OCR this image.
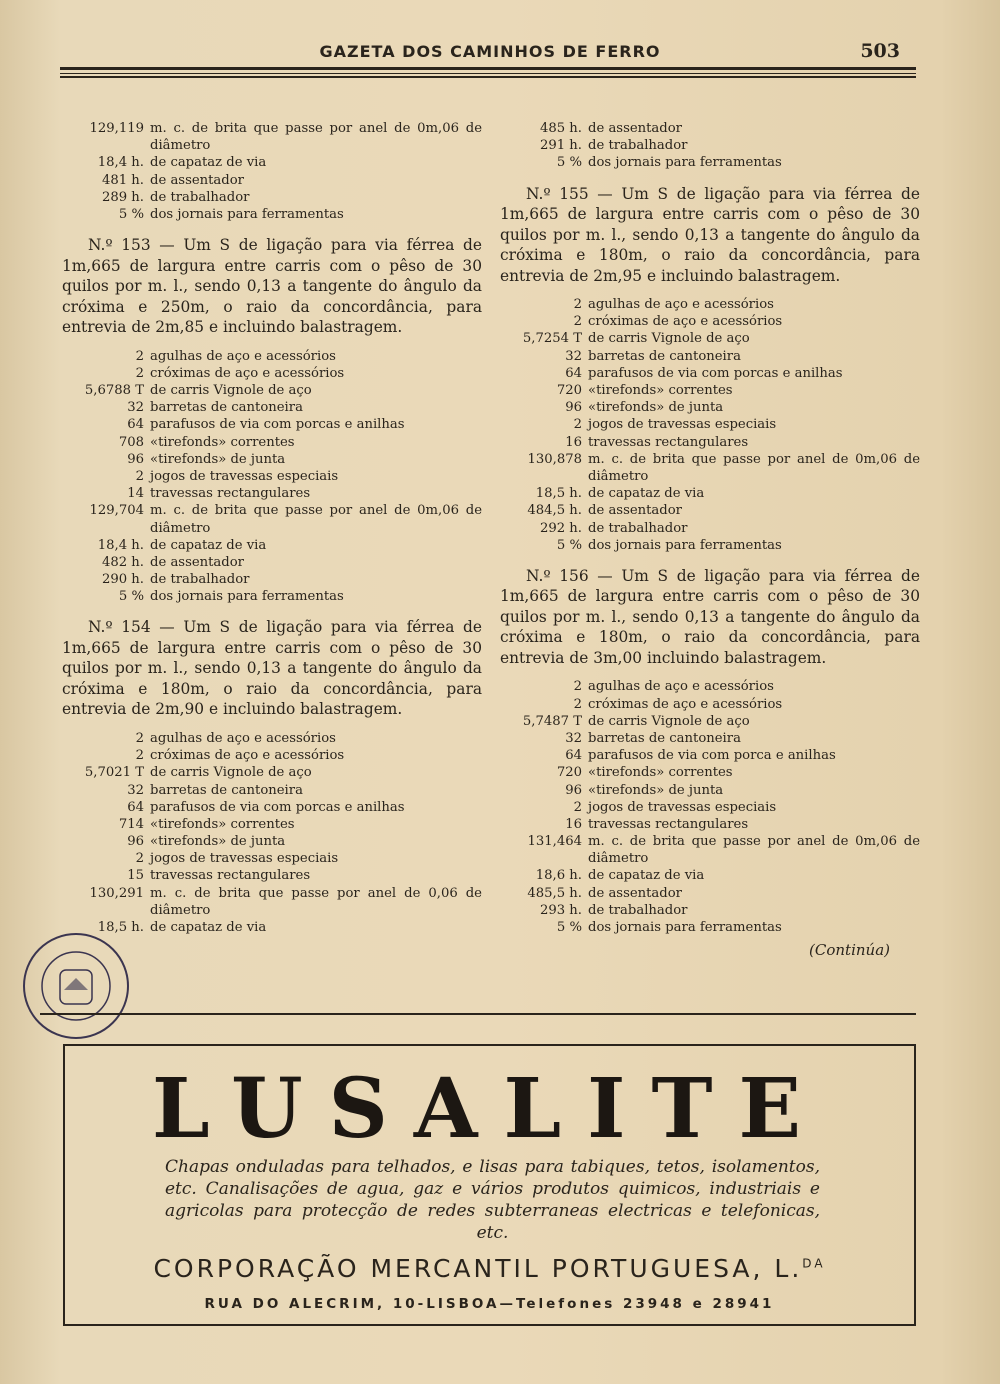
GAZETA DOS CAMINHOS DE FERRO	503
129,119 m. c. de brita que passe por anel de 0m,06 de diâmetro
18,4 h. de capataz de via
481 h. de assentador
289 h. de trabalhador
5 % dos jornais para ferramentas

N.º 153 — Um S de ligação para via férrea de 1m,665 de largura entre carris com o pêso de 30 quilos por m. l., sendo 0,13 a tangente do ângulo da cróxima e 250m, o raio da concordância, para entrevia de 2m,85 e incluindo balastragem.

2 agulhas de aço e acessórios
2 cróximas de aço e acessórios
5,6788 T de carris Vignole de aço
32 barretas de cantoneira
64 parafusos de via com porcas e anilhas
708 «tirefonds» correntes
96 «tirefonds» de junta
2 jogos de travessas especiais
14 travessas rectangulares
129,704 m. c. de brita que passe por anel de 0m,06 de diâmetro
18,4 h. de capataz de via
482 h. de assentador
290 h. de trabalhador
5 % dos jornais para ferramentas

N.º 154 — Um S de ligação para via férrea de 1m,665 de largura entre carris com o pêso de 30 quilos por m. l., sendo 0,13 a tangente do ângulo da cróxima e 180m, o raio da concordância, para entrevia de 2m,90 e incluindo balastragem.

2 agulhas de aço e acessórios
2 cróximas de aço e acessórios
5,7021 T de carris Vignole de aço
32 barretas de cantoneira
64 parafusos de via com porcas e anilhas
714 «tirefonds» correntes
96 «tirefonds» de junta
2 jogos de travessas especiais
15 travessas rectangulares
130,291 m. c. de brita que passe por anel de 0,06 de diâmetro
18,5 h. de capataz de via
485 h. de assentador
291 h. de trabalhador
5 % dos jornais para ferramentas

N.º 155 — Um S de ligação para via férrea de 1m,665 de largura entre carris com o pêso de 30 quilos por m. l., sendo 0,13 a tangente do ângulo da cróxima e 180m, o raio da concordância, para entrevia de 2m,95 e incluindo balastragem.

2 agulhas de aço e acessórios
2 cróximas de aço e acessórios
5,7254 T de carris Vignole de aço
32 barretas de cantoneira
64 parafusos de via com porcas e anilhas
720 «tirefonds» correntes
96 «tirefonds» de junta
2 jogos de travessas especiais
16 travessas rectangulares
130,878 m. c. de brita que passe por anel de 0m,06 de diâmetro
18,5 h. de capataz de via
484,5 h. de assentador
292 h. de trabalhador
5 % dos jornais para ferramentas

N.º 156 — Um S de ligação para via férrea de 1m,665 de largura entre carris com o pêso de 30 quilos por m. l., sendo 0,13 a tangente do ângulo da cróxima e 180m, o raio da concordância, para entrevia de 3m,00 incluindo balastragem.

2 agulhas de aço e acessórios
2 cróximas de aço e acessórios
5,7487 T de carris Vignole de aço
32 barretas de cantoneira
64 parafusos de via com porca e anilhas
720 «tirefonds» correntes
96 «tirefonds» de junta
2 jogos de travessas especiais
16 travessas rectangulares
131,464 m. c. de brita que passe por anel de 0m,06 de diâmetro
18,6 h. de capataz de via
485,5 h. de assentador
293 h. de trabalhador
5 % dos jornais para ferramentas
(Continúa)
LUSALITE
Chapas onduladas para telhados, e lisas para tabiques, tetos, isolamentos, etc. Canalisações de agua, gaz e vários produtos quimicos, industriais e agricolas para protecção de redes subterraneas electricas e telefonicas, etc.
CORPORAÇÃO MERCANTIL PORTUGUESA, L.$^{DA}$
RUA DO ALECRIM, 10-LISBOA—Telefones 23948 e 28941
